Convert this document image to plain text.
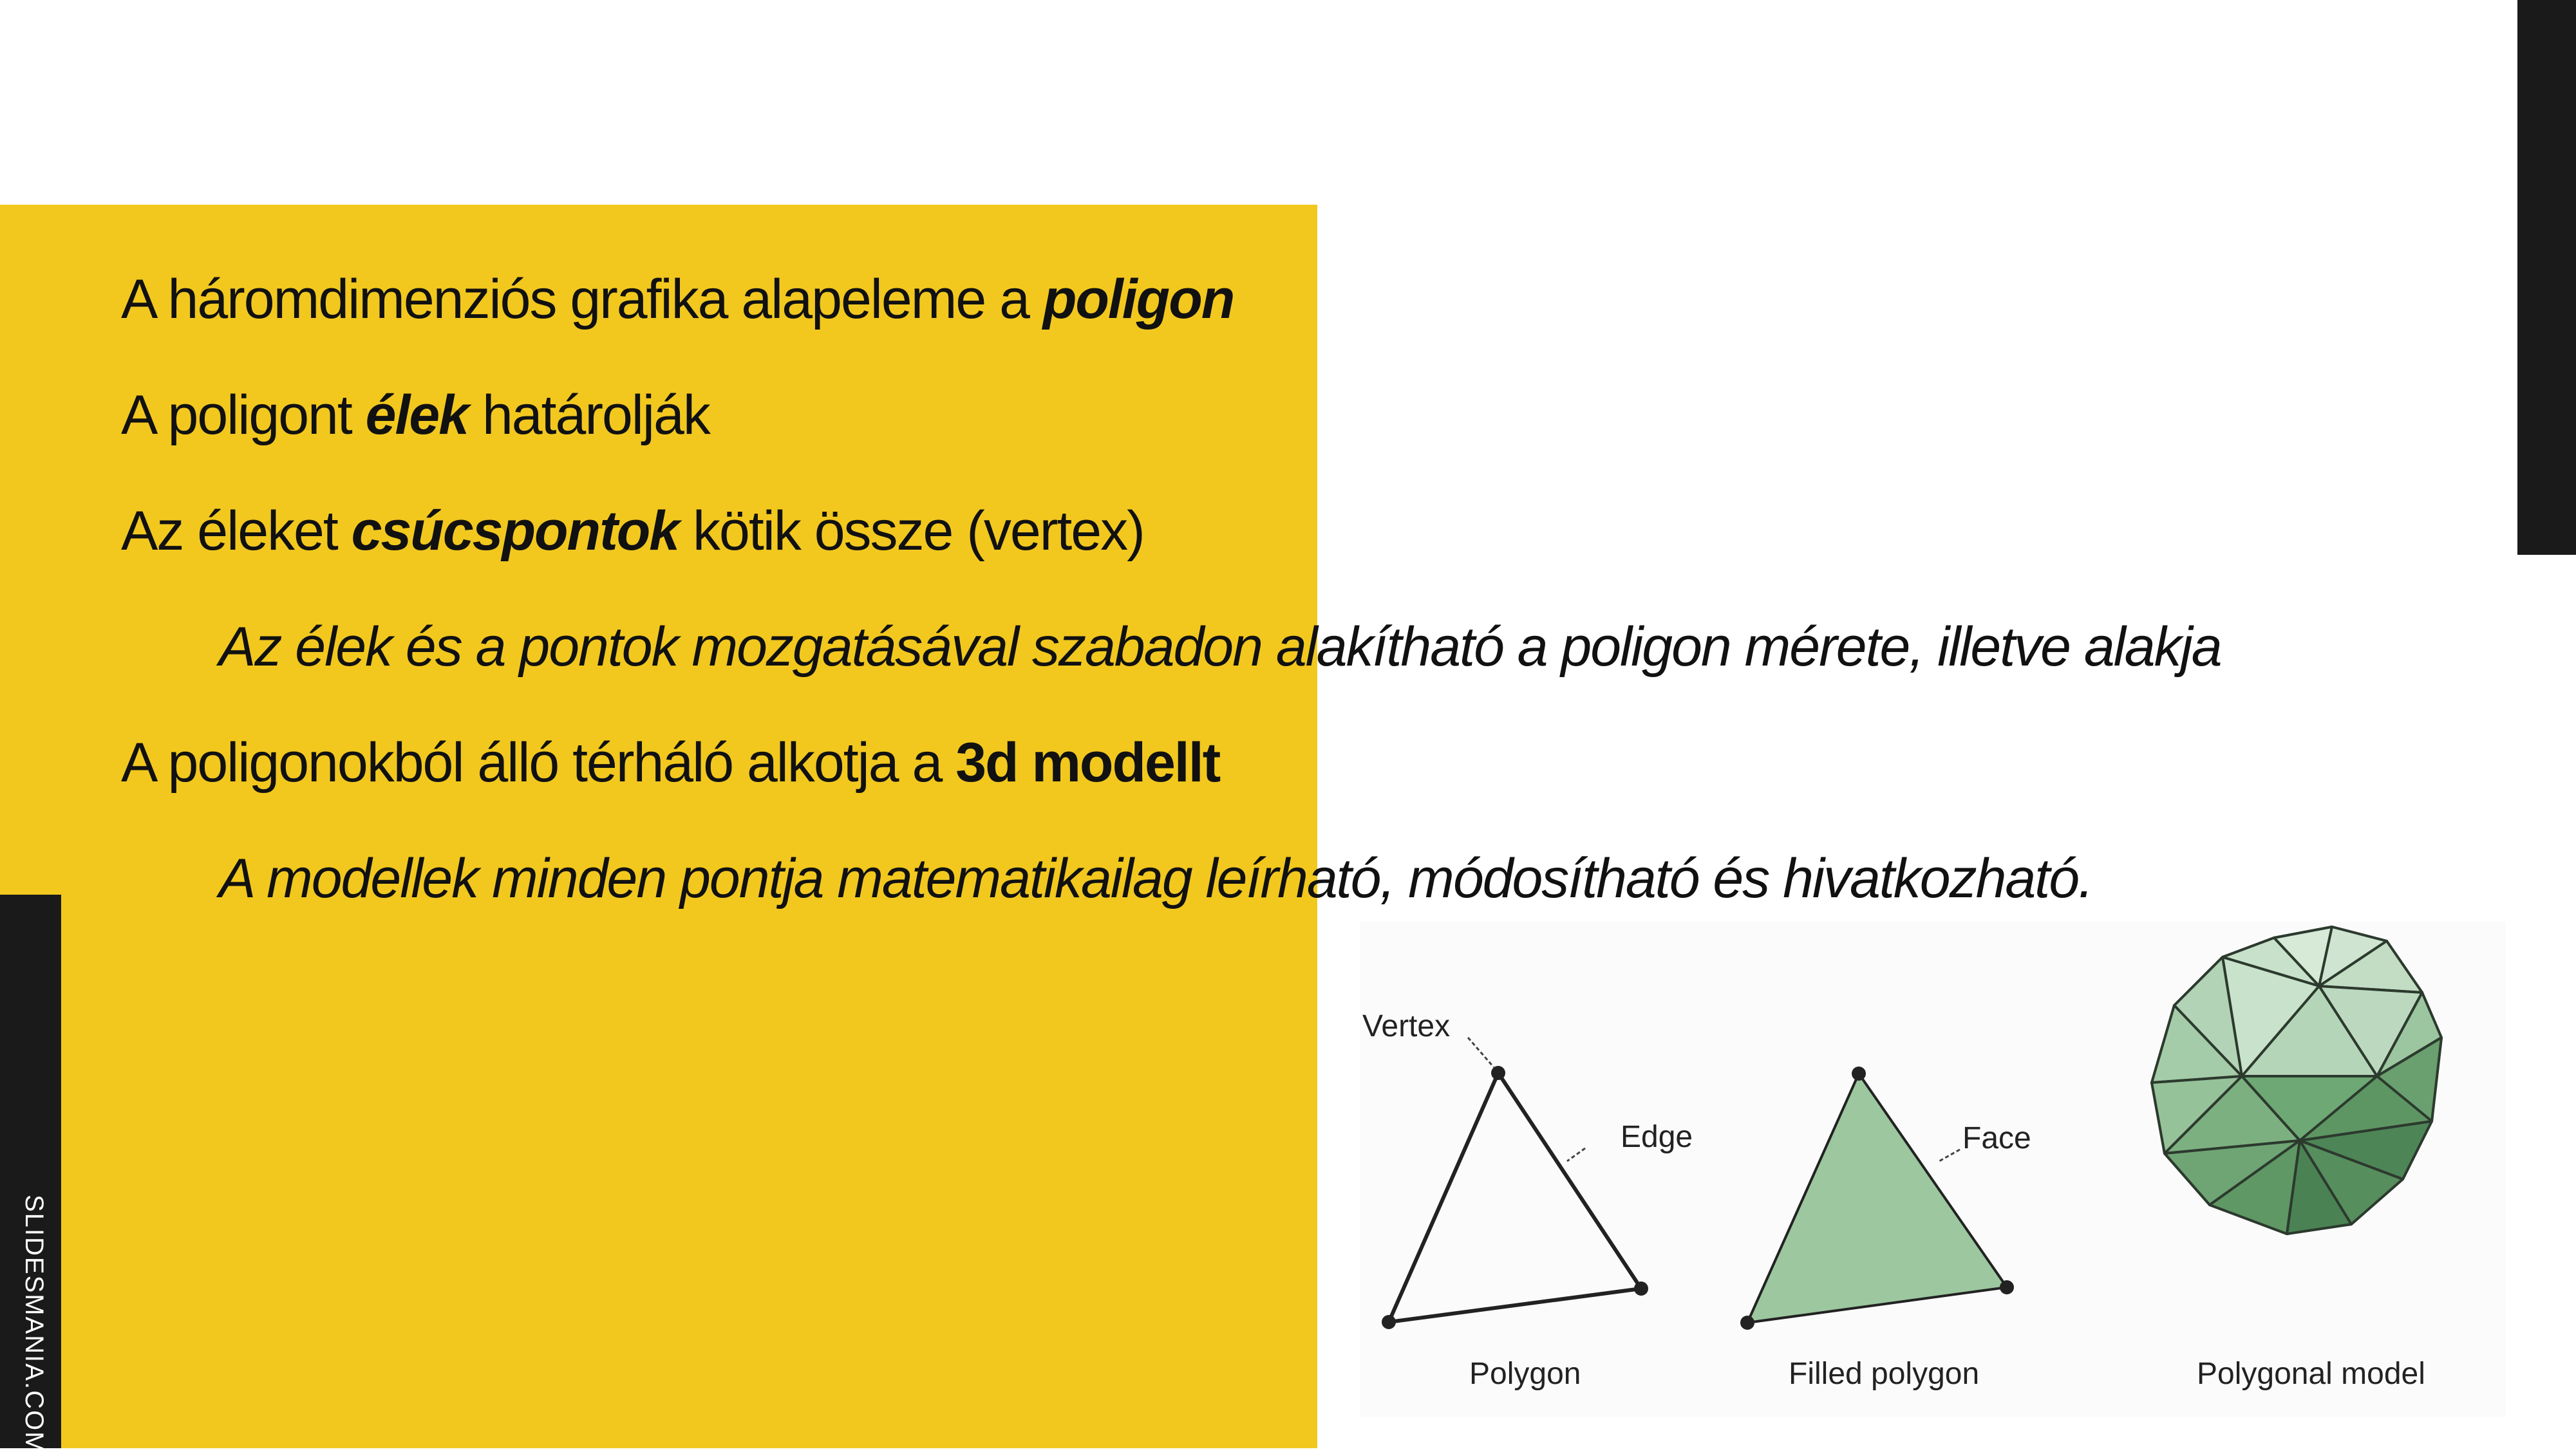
SLIDESMANIA.COM
A háromdimenziós grafika alapeleme a poligon
A poligont élek határolják
Az éleket csúcspontok kötik össze (vertex)
Az élek és a pontok mozgatásával szabadon alakítható a poligon mérete, illetve alakja
A poligonokból álló térháló alkotja a 3d modellt
A modellek minden pontja matematikailag leírható, módosítható és hivatkozható.
Vertex
Edge
Polygon
Face
Filled polygon	Polygonal model
